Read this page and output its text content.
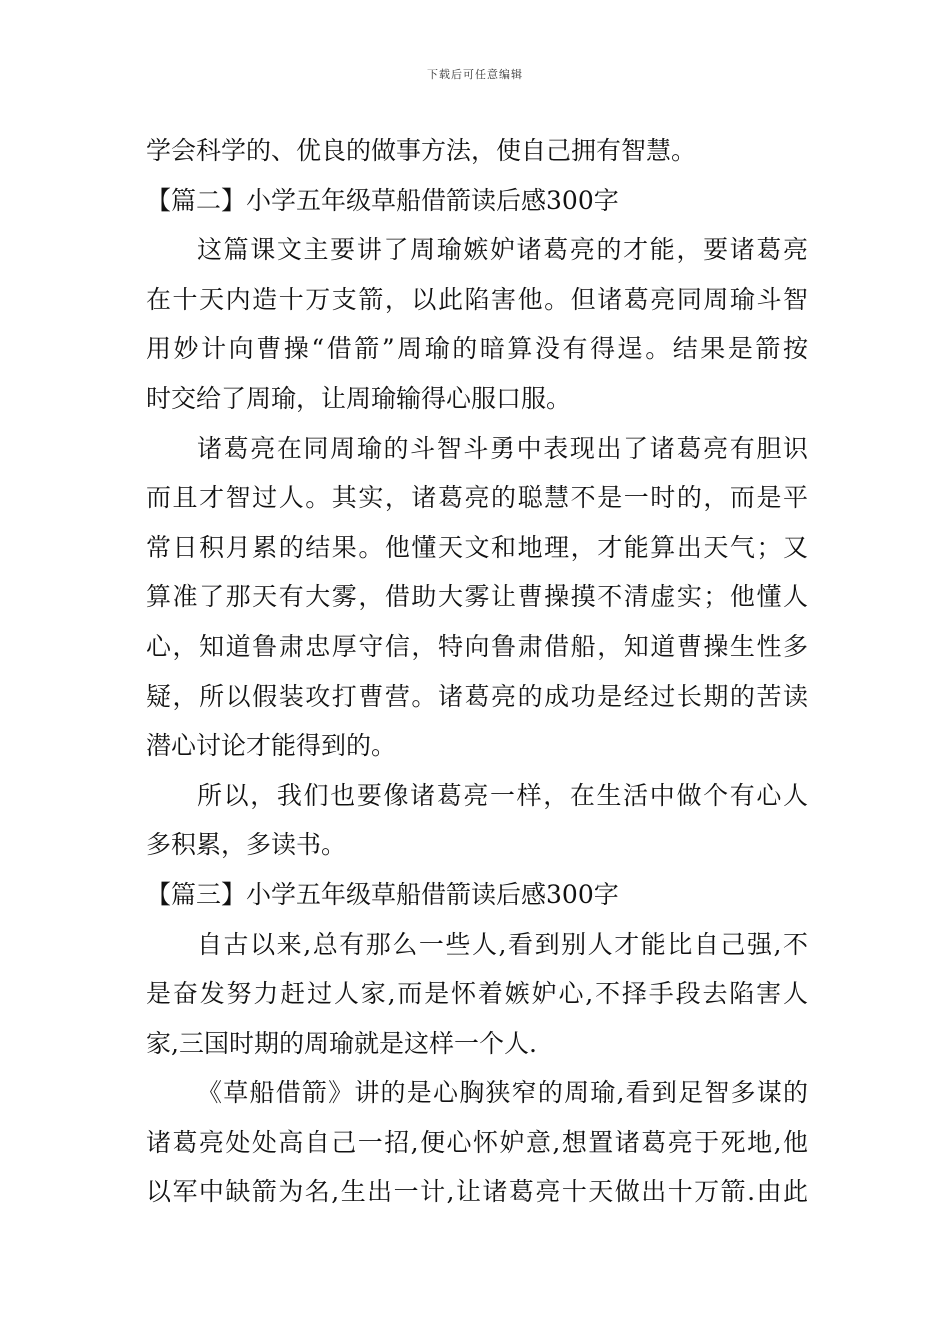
下载后可任意编辑
学会科学的、优良的做事方法，使自己拥有智慧。
【篇二】小学五年级草船借箭读后感300字
这篇课文主要讲了周瑜嫉妒诸葛亮的才能，要诸葛亮
在十天内造十万支箭，以此陷害他。但诸葛亮同周瑜斗智
用妙计向曹操“借箭”周瑜的暗算没有得逞。结果是箭按
时交给了周瑜，让周瑜输得心服口服。
诸葛亮在同周瑜的斗智斗勇中表现出了诸葛亮有胆识
而且才智过人。其实，诸葛亮的聪慧不是一时的，而是平
常日积月累的结果。他懂天文和地理，才能算出天气；又
算准了那天有大雾，借助大雾让曹操摸不清虚实；他懂人
心，知道鲁肃忠厚守信，特向鲁肃借船，知道曹操生性多
疑，所以假装攻打曹营。诸葛亮的成功是经过长期的苦读
潜心讨论才能得到的。
所以，我们也要像诸葛亮一样，在生活中做个有心人
多积累，多读书。
【篇三】小学五年级草船借箭读后感300字
自古以来,总有那么一些人,看到别人才能比自己强,不
是奋发努力赶过人家,而是怀着嫉妒心,不择手段去陷害人
家,三国时期的周瑜就是这样一个人.
《草船借箭》讲的是心胸狭窄的周瑜,看到足智多谋的
诸葛亮处处高自己一招,便心怀妒意,想置诸葛亮于死地,他
以军中缺箭为名,生出一计,让诸葛亮十天做出十万箭.由此
